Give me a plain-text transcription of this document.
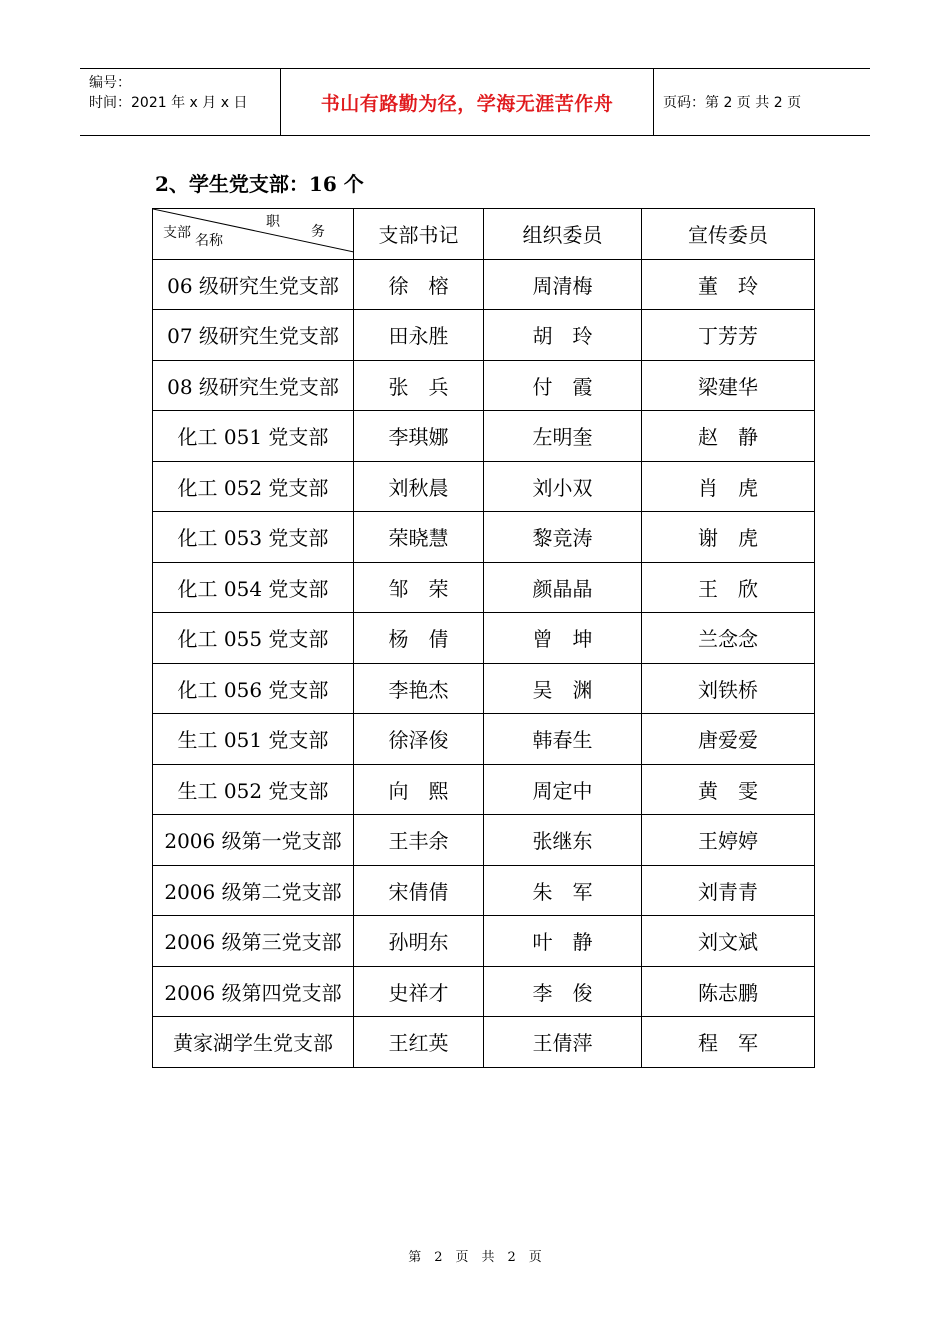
编号：
时间：2021 年 x 月 x 日	书山有路勤为径，学海无涯苦作舟	页码：第 2 页 共 2 页
2、学生党支部：16 个
职
务
支部 名称	支部书记	组织委员	宣传委员
06 级研究生党支部	徐　榕	周清梅	董　玲
07 级研究生党支部	田永胜	胡　玲	丁芳芳
08 级研究生党支部	张　兵	付　霞	梁建华
化工 051 党支部	李琪娜	左明奎	赵　静
化工 052 党支部	刘秋晨	刘小双	肖　虎
化工 053 党支部	荣晓慧	黎竞涛	谢　虎
化工 054 党支部	邹　荣	颜晶晶	王　欣
化工 055 党支部	杨　倩	曾　坤	兰念念
化工 056 党支部	李艳杰	吴　渊	刘铁桥
生工 051 党支部	徐泽俊	韩春生	唐爱爱
生工 052 党支部	向　熙	周定中	黄　雯
2006 级第一党支部	王丰余	张继东	王婷婷
2006 级第二党支部	宋倩倩	朱　军	刘青青
2006 级第三党支部	孙明东	叶　静	刘文斌
2006 级第四党支部	史祥才	李　俊	陈志鹏
黄家湖学生党支部	王红英	王倩萍	程　军
第　2　页　共　2　页
